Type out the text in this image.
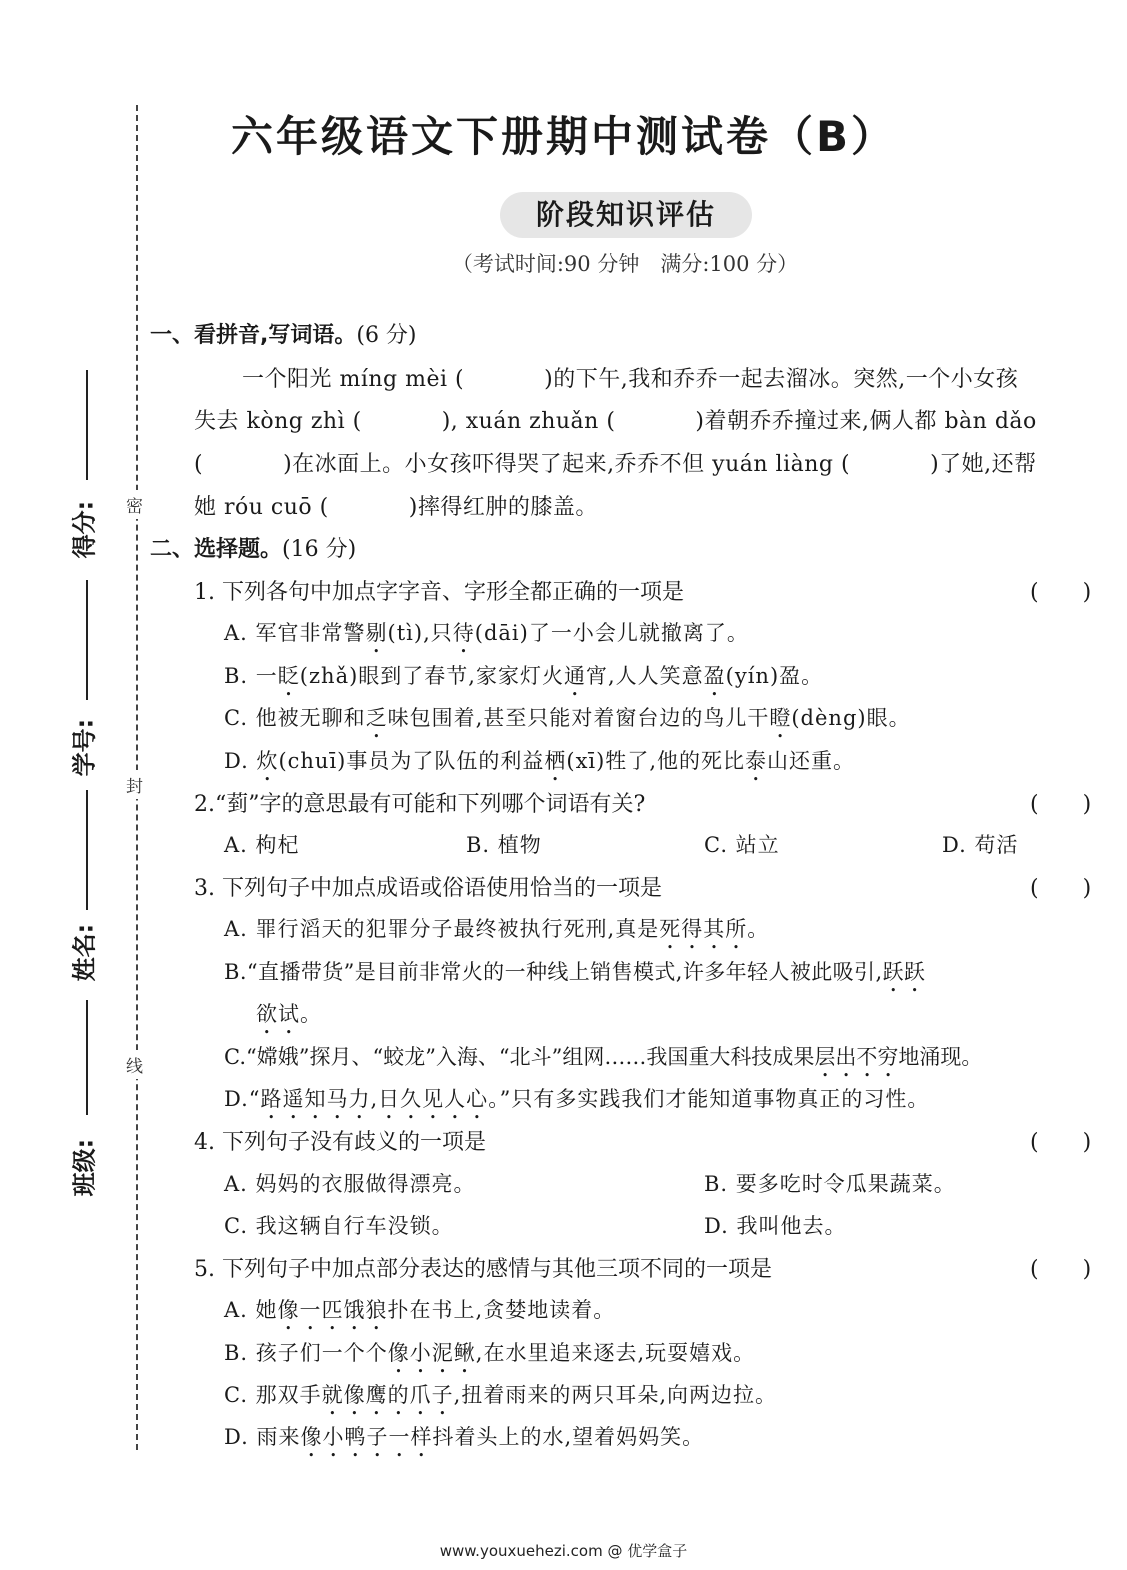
密
封
线
得分:
学号:
姓名:
班级:
六年级语文下册期中测试卷（B）
阶段知识评估
（考试时间:90 分钟　满分:100 分）
一、看拼音,写词语。(6 分)
一个阳光 míng mèi (	)的下午,我和乔乔一起去溜冰。突然,一个小女孩
失去 kòng zhì (	), xuán zhuǎn (	)着朝乔乔撞过来,俩人都 bàn dǎo
(	)在冰面上。小女孩吓得哭了起来,乔乔不但 yuán liàng (	)了她,还帮
她 róu cuō (	)摔得红肿的膝盖。
二、选择题。(16 分)
1. 下列各句中加点字字音、字形全都正确的一项是	(　　)
A. 军官非常警剔(tì),只待(dāi)了一小会儿就撤离了。
B. 一眨(zhǎ)眼到了春节,家家灯火通宵,人人笑意盈(yín)盈。
C. 他被无聊和乏味包围着,甚至只能对着窗台边的鸟儿干瞪(dèng)眼。
D. 炊(chuī)事员为了队伍的利益栖(xī)牲了,他的死比泰山还重。
2.“菿”字的意思最有可能和下列哪个词语有关?	(　　)
A. 枸杞	B. 植物	C. 站立	D. 苟活
3. 下列句子中加点成语或俗语使用恰当的一项是	(　　)
A. 罪行滔天的犯罪分子最终被执行死刑,真是死得其所。
B.“直播带货”是目前非常火的一种线上销售模式,许多年轻人被此吸引,跃跃
欲试。
C.“嫦娥”探月、“蛟龙”入海、“北斗”组网……我国重大科技成果层出不穷地涌现。
D.“路遥知马力,日久见人心。”只有多实践我们才能知道事物真正的习性。
4. 下列句子没有歧义的一项是	(　　)
A. 妈妈的衣服做得漂亮。	B. 要多吃时令瓜果蔬菜。
C. 我这辆自行车没锁。	D. 我叫他去。
5. 下列句子中加点部分表达的感情与其他三项不同的一项是	(　　)
A. 她像一匹饿狼扑在书上,贪婪地读着。
B. 孩子们一个个像小泥鳅,在水里追来逐去,玩耍嬉戏。
C. 那双手就像鹰的爪子,扭着雨来的两只耳朵,向两边拉。
D. 雨来像小鸭子一样抖着头上的水,望着妈妈笑。
www.youxuehezi.com @ 优学盒子
